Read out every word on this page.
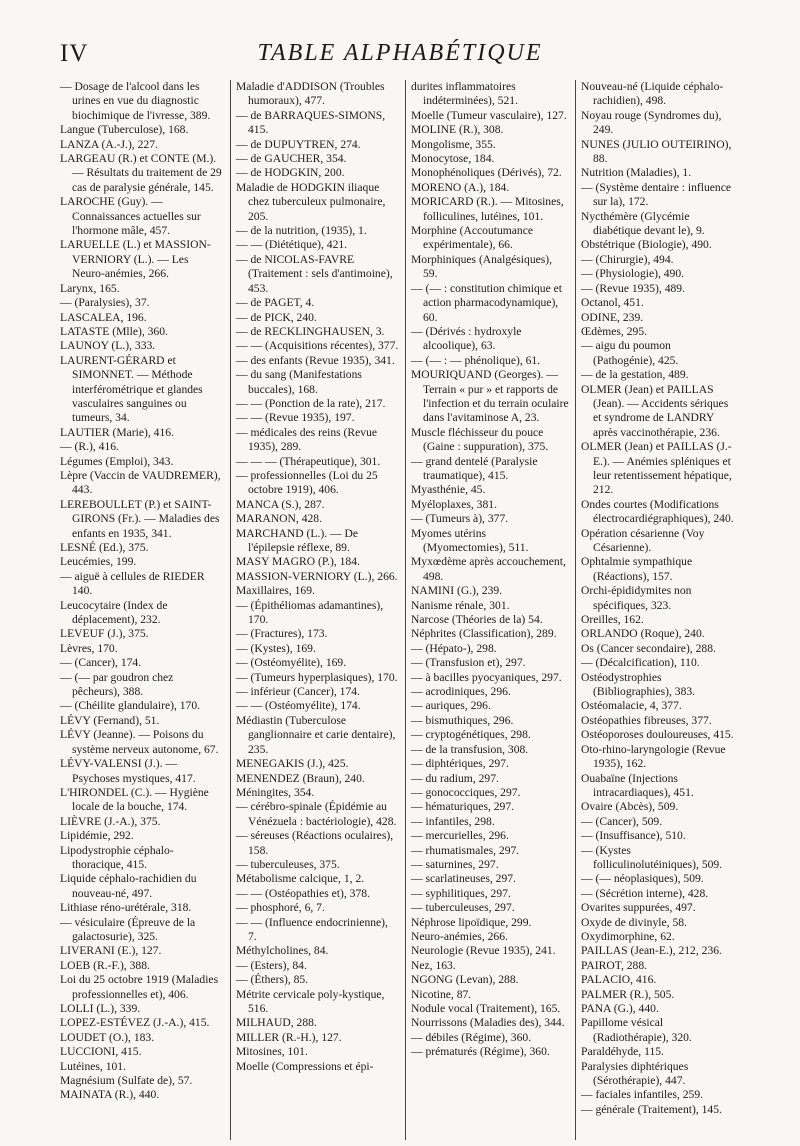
IV	TABLE ALPHABÉTIQUE
— Dosage de l'alcool dans les urines en vue du diagnostic biochimique de l'ivresse, 389.
Langue (Tuberculose), 168.
LANZA (A.-J.), 227.
LARGEAU (R.) et CONTE (M.). — Résultats du traitement de 29 cas de paralysie générale, 145.
LAROCHE (Guy). — Connaissances actuelles sur l'hormone mâle, 457.
LARUELLE (L.) et MASSION-VERNIORY (L.). — Les Neuro-anémies, 266.
Larynx, 165.
— (Paralysies), 37.
LASCALEA, 196.
LATASTE (Mlle), 360.
LAUNOY (L.), 333.
LAURENT-GÉRARD et SIMONNET. — Méthode interférométrique et glandes vasculaires sanguines ou tumeurs, 34.
LAUTIER (Marie), 416.
— (R.), 416.
Légumes (Emploi), 343.
Lèpre (Vaccin de VAUDREMER), 443.
LEREBOULLET (P.) et SAINT-GIRONS (Fr.). — Maladies des enfants en 1935, 341.
LESNÉ (Ed.), 375.
Leucémies, 199.
— aiguë à cellules de RIEDER 140.
Leucocytaire (Index de déplacement), 232.
LEVEUF (J.), 375.
Lèvres, 170.
— (Cancer), 174.
— (— par goudron chez pêcheurs), 388.
— (Chéilite glandulaire), 170.
LÉVY (Fernand), 51.
LÉVY (Jeanne). — Poisons du système nerveux autonome, 67.
LÉVY-VALENSI (J.). — Psychoses mystiques, 417.
L'HIRONDEL (C.). — Hygiène locale de la bouche, 174.
LIÈVRE (J.-A.), 375.
Lipidémie, 292.
Lipodystrophie céphalo-thoracique, 415.
Liquide céphalo-rachidien du nouveau-né, 497.
Lithiase réno-urétérale, 318.
— vésiculaire (Épreuve de la galactosurie), 325.
LIVERANI (E.), 127.
LOEB (R.-F.), 388.
Loi du 25 octobre 1919 (Maladies professionnelles et), 406.
LOLLI (L.), 339.
LOPEZ-ESTÉVEZ (J.-A.), 415.
LOUDET (O.), 183.
LUCCIONI, 415.
Lutéines, 101.
Magnésium (Sulfate de), 57.
MAINATA (R.), 440.
Maladie d'ADDISON (Troubles humoraux), 477.
— de BARRAQUES-SIMONS, 415.
— de DUPUYTREN, 274.
— de GAUCHER, 354.
— de HODGKIN, 200.
Maladie de HODGKIN iliaque chez tuberculeux pulmonaire, 205.
— de la nutrition, (1935), 1.
— — (Diététique), 421.
— de NICOLAS-FAVRE (Traitement : sels d'antimoine), 453.
— de PAGET, 4.
— de PICK, 240.
— de RECKLINGHAUSEN, 3.
— — (Acquisitions récentes), 377.
— des enfants (Revue 1935), 341.
— du sang (Manifestations buccales), 168.
— — (Ponction de la rate), 217.
— — (Revue 1935), 197.
— médicales des reins (Revue 1935), 289.
— — — (Thérapeutique), 301.
— professionnelles (Loi du 25 octobre 1919), 406.
MANCA (S.), 287.
MARANON, 428.
MARCHAND (L.). — De l'épilepsie réflexe, 89.
MASY MAGRO (P.), 184.
MASSION-VERNIORY (L.), 266.
Maxillaires, 169.
— (Épithéliomas adamantines), 170.
— (Fractures), 173.
— (Kystes), 169.
— (Ostéomyélite), 169.
— (Tumeurs hyperplasiques), 170.
— inférieur (Cancer), 174.
— — (Ostéomyélite), 174.
Médiastin (Tuberculose ganglionnaire et carie dentaire), 235.
MENEGAKIS (J.), 425.
MENENDEZ (Braun), 240.
Méningites, 354.
— cérébro-spinale (Épidémie au Vénézuela : bactériologie), 428.
— séreuses (Réactions oculaires), 158.
— tuberculeuses, 375.
Métabolisme calcique, 1, 2.
— — (Ostéopathies et), 378.
— phosphoré, 6, 7.
— — (Influence endocrinienne), 7.
Méthylcholines, 84.
— (Esters), 84.
— (Éthers), 85.
Métrite cervicale poly-kystique, 516.
MILHAUD, 288.
MILLER (R.-H.), 127.
Mitosines, 101.
Moelle (Compressions et épi-
durites inflammatoires indéterminées), 521.
Moelle (Tumeur vasculaire), 127.
MOLINE (R.), 308.
Mongolisme, 355.
Monocytose, 184.
Monophénoliques (Dérivés), 72.
MORENO (A.), 184.
MORICARD (R.). — Mitosines, folliculines, lutéines, 101.
Morphine (Accoutumance expérimentale), 66.
Morphiniques (Analgésiques), 59.
— (— : constitution chimique et action pharmacodynamique), 60.
— (Dérivés : hydroxyle alcoolique), 63.
— (— : — phénolique), 61.
MOURIQUAND (Georges). — Terrain « pur » et rapports de l'infection et du terrain oculaire dans l'avitaminose A, 23.
Muscle fléchisseur du pouce (Gaine : suppuration), 375.
— grand dentelé (Paralysie traumatique), 415.
Myasthénie, 45.
Myéloplaxes, 381.
— (Tumeurs à), 377.
Myomes utérins (Myomectomies), 511.
Myxœdème après accouchement, 498.
NAMINI (G.), 239.
Nanisme rénale, 301.
Narcose (Théories de la) 54.
Néphrites (Classification), 289.
— (Hépato-), 298.
— (Transfusion et), 297.
— à bacilles pyocyaniques, 297.
— acrodiniques, 296.
— auriques, 296.
— bismuthiques, 296.
— cryptogénétiques, 298.
— de la transfusion, 308.
— diphtériques, 297.
— du radium, 297.
— gonococciques, 297.
— hématuriques, 297.
— infantiles, 298.
— mercurielles, 296.
— rhumatismales, 297.
— saturnines, 297.
— scarlatineuses, 297.
— syphilitiques, 297.
— tuberculeuses, 297.
Néphrose lipoïdique, 299.
Neuro-anémies, 266.
Neurologie (Revue 1935), 241.
Nez, 163.
NGONG (Levan), 288.
Nicotine, 87.
Nodule vocal (Traitement), 165.
Nourrissons (Maladies des), 344.
— débiles (Régime), 360.
— prématurés (Régime), 360.
Nouveau-né (Liquide céphalo-rachidien), 498.
Noyau rouge (Syndromes du), 249.
NUNES (JULIO OUTEIRINO), 88.
Nutrition (Maladies), 1.
— (Système dentaire : influence sur la), 172.
Nycthémère (Glycémie diabétique devant le), 9.
Obstétrique (Biologie), 490.
— (Chirurgie), 494.
— (Physiologie), 490.
— (Revue 1935), 489.
Octanol, 451.
ODINE, 239.
Œdèmes, 295.
— aigu du poumon (Pathogénie), 425.
— de la gestation, 489.
OLMER (Jean) et PAILLAS (Jean). — Accidents sériques et syndrome de LANDRY après vaccinothérapie, 236.
OLMER (Jean) et PAILLAS (J.-E.). — Anémies spléniques et leur retentissement hépatique, 212.
Ondes courtes (Modifications électrocardiégraphiques), 240.
Opération césarienne (Voy Césarienne).
Ophtalmie sympathique (Réactions), 157.
Orchi-épididymites non spécifiques, 323.
Oreilles, 162.
ORLANDO (Roque), 240.
Os (Cancer secondaire), 288.
— (Décalcification), 110.
Ostéodystrophies (Bibliographies), 383.
Ostéomalacie, 4, 377.
Ostéopathies fibreuses, 377.
Ostéoporoses douloureuses, 415.
Oto-rhino-laryngologie (Revue 1935), 162.
Ouabaïne (Injections intracardiaques), 451.
Ovaire (Abcès), 509.
— (Cancer), 509.
— (Insuffisance), 510.
— (Kystes folliculinolutéiniques), 509.
— (— néoplasiques), 509.
— (Sécrétion interne), 428.
Ovarites suppurées, 497.
Oxyde de divinyle, 58.
Oxydimorphine, 62.
PAILLAS (Jean-E.), 212, 236.
PAIROT, 288.
PALACIO, 416.
PALMER (R.), 505.
PANA (G.), 440.
Papillome vésical (Radiothérapie), 320.
Paraldéhyde, 115.
Paralysies diphtériques (Sérothérapie), 447.
— faciales infantiles, 259.
— générale (Traitement), 145.
